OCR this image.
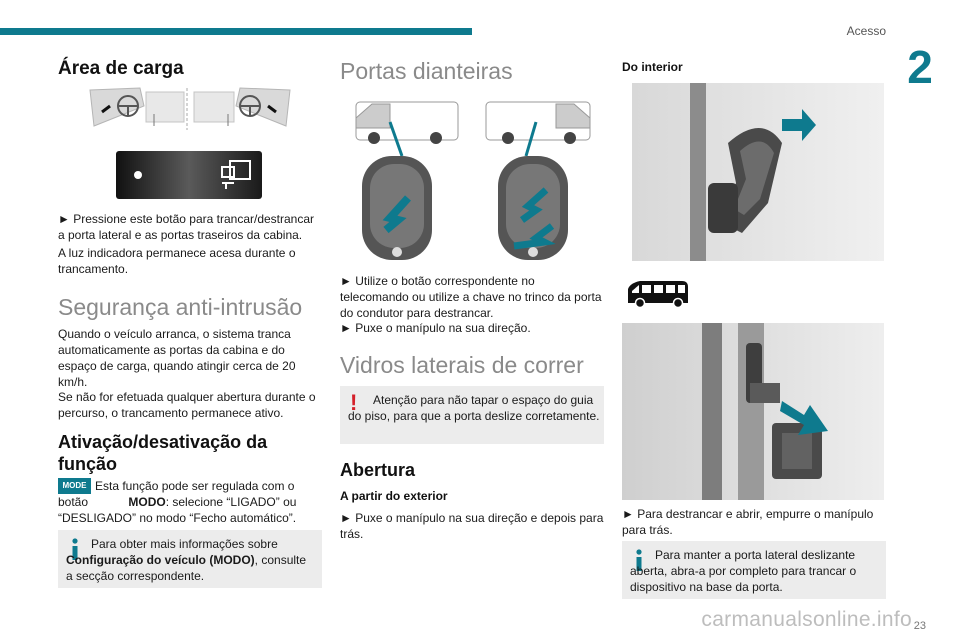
Acesso
2
Área de carga
► Pressione este botão para trancar/destrancar a porta lateral e as portas traseiros da cabina.
A luz indicadora permanece acesa durante o trancamento.
Segurança anti-intrusão
Quando o veículo arranca, o sistema tranca automaticamente as portas da cabina e do espaço de carga, quando atingir cerca de 20 km/h.
Se não for efetuada qualquer abertura durante o percurso, o trancamento permanece ativo.
Ativação/desativação da função
MODE Esta função pode ser regulada com o botão	MODO: selecione “LIGADO” ou “DESLIGADO” no modo “Fecho automático”.
Para obter mais informações sobre Configuração do veículo (MODO), consulte a secção correspondente.
Portas dianteiras
► Utilize o botão correspondente no telecomando ou utilize a chave no trinco da porta do condutor para destrancar.
► Puxe o manípulo na sua direção.
Vidros laterais de correr
!	Atenção para não tapar o espaço do guia do piso, para que a porta deslize corretamente.
Abertura
A partir do exterior
► Puxe o manípulo na sua direção e depois para trás.
Do interior
► Para destrancar e abrir, empurre o manípulo para trás.
Para manter a porta lateral deslizante aberta, abra-a por completo para trancar o dispositivo na base da porta.
carmanualsonline.info 23
